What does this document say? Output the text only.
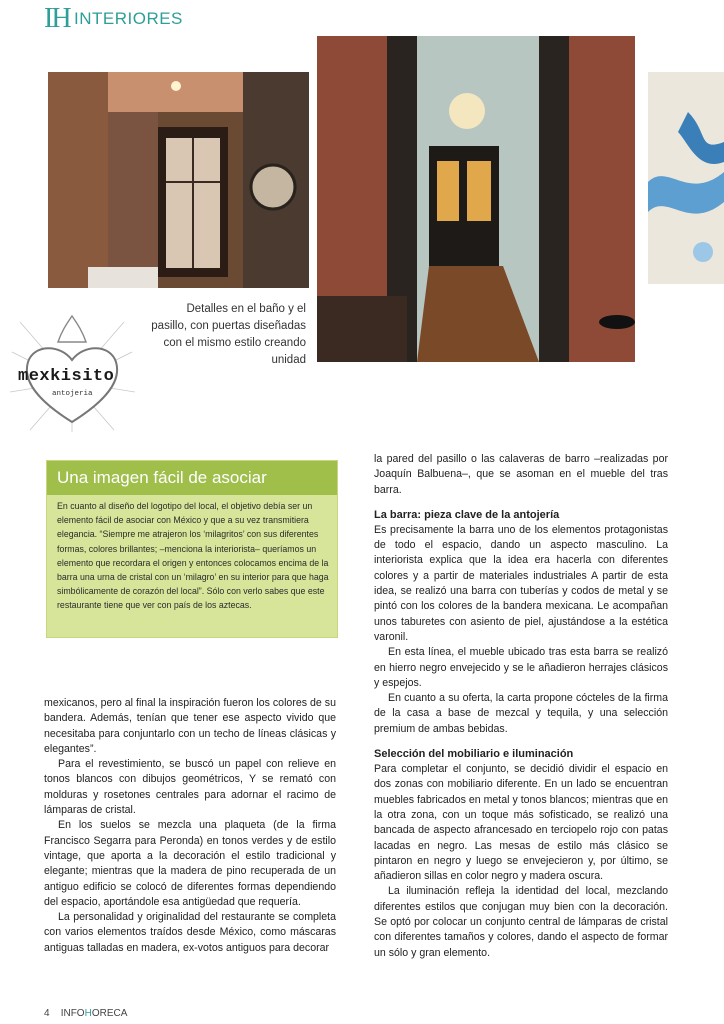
IH INTERIORES
Detalles en el baño y el pasillo, con puertas diseñadas con el mismo estilo creando unidad
mexkisito
antojeria
Una imagen fácil de asociar
En cuanto al diseño del logotipo del local, el objetivo debía ser un elemento fácil de asociar con México y que a su vez transmitiera elegancia. “Siempre me atrajeron los ‘milagritos’ con sus diferentes formas, colores brillantes; –menciona la interiorista– queríamos un elemento que recordara el origen y entonces colocamos encima de la barra una urna de cristal con un ‘milagro’ en su interior para que haga simbólicamente de corazón del local”. Sólo con verlo sabes que este restaurante tiene que ver con país de los aztecas.

mexicanos, pero al final la inspiración fueron los colores de su bandera. Además, tenían que tener ese aspecto vivido que necesitaba para conjuntarlo con un techo de líneas clásicas y elegantes”.

Para el revestimiento, se buscó un papel con relieve en tonos blancos con dibujos geométricos, Y se remató con molduras y rosetones centrales para adornar el racimo de lámparas de cristal.

En los suelos se mezcla una plaqueta (de la firma Francisco Segarra para Peronda) en tonos verdes y de estilo vintage, que aporta a la decoración el estilo tradicional y elegante; mientras que la madera de pino recuperada de un antiguo edificio se colocó de diferentes formas dependiendo del espacio, aportándole esa antigüedad que requería.

La personalidad y originalidad del restaurante se completa con varios elementos traídos desde México, como máscaras antiguas talladas en madera, ex-votos antiguos para decorar

la pared del pasillo o las calaveras de barro –realizadas por Joaquín Balbuena–, que se asoman en el mueble del tras barra.

La barra: pieza clave de la antojería

Es precisamente la barra uno de los elementos protagonistas de todo el espacio, dando un aspecto masculino. La interiorista explica que la idea era hacerla con diferentes colores y a partir de materiales industriales A partir de esta idea, se realizó una barra con tuberías y codos de metal y se pintó con los colores de la bandera mexicana. Le acompañan unos taburetes con asiento de piel, ajustándose a la estética varonil.

En esta línea, el mueble ubicado tras esta barra se realizó en hierro negro envejecido y se le añadieron herrajes clásicos y espejos.

En cuanto a su oferta, la carta propone cócteles de la firma de la casa a base de mezcal y tequila, y una selección premium de ambas bebidas.

Selección del mobiliario e iluminación

Para completar el conjunto, se decidió dividir el espacio en dos zonas con mobiliario diferente. En un lado se encuentran muebles fabricados en metal y tonos blancos; mientras que en la otra zona, con un toque más sofisticado, se realizó una bancada de aspecto afrancesado en terciopelo rojo con patas lacadas en negro. Las mesas de estilo más clásico se pintaron en negro y luego se envejecieron y, por último, se añadieron sillas en color negro y madera oscura.

La iluminación refleja la identidad del local, mezclando diferentes estilos que conjugan muy bien con la decoración. Se optó por colocar un conjunto central de lámparas de cristal con diferentes tamaños y colores, dando el aspecto de formar un sólo y gran elemento.

4 INFOHORECA
